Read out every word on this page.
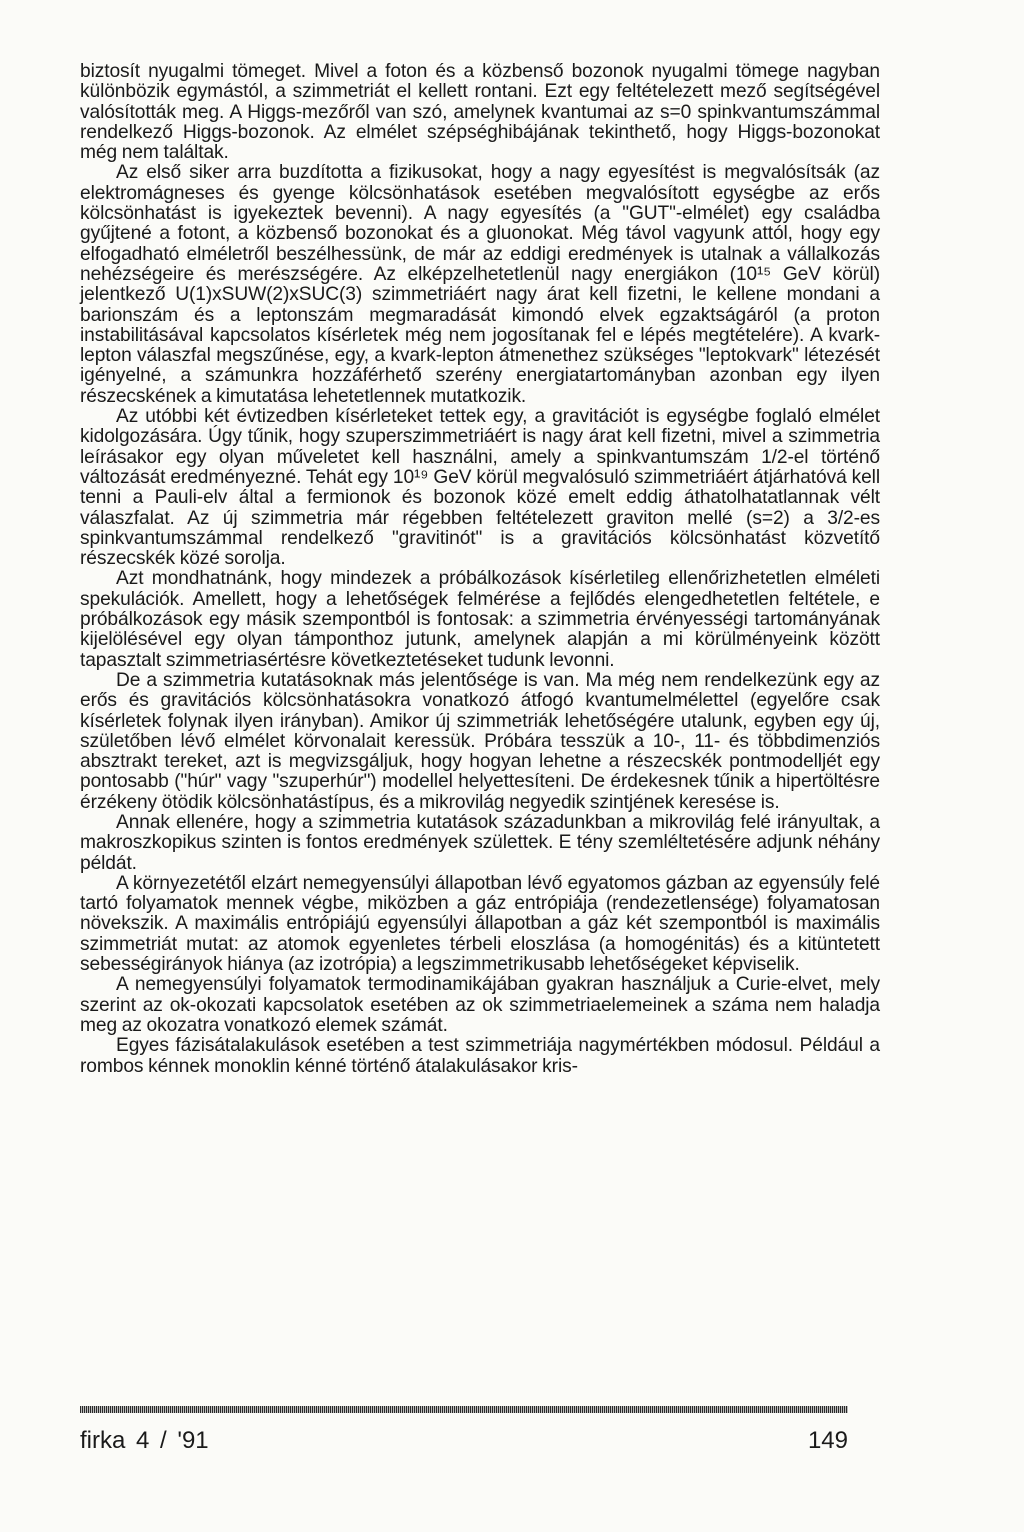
biztosít nyugalmi tömeget. Mivel a foton és a közbenső bozonok nyugalmi tömege nagyban különbözik egymástól, a szimmetriát el kellett rontani. Ezt egy feltételezett mező segítségével valósították meg. A Higgs-mezőről van szó, amelynek kvantumai az s=0 spinkvantumszámmal rendelkező Higgs-bozonok. Az elmélet szépséghibájának tekinthető, hogy Higgs-bozonokat még nem találtak.

Az első siker arra buzdította a fizikusokat, hogy a nagy egyesítést is megvalósítsák (az elektromágneses és gyenge kölcsönhatások esetében megvalósított egységbe az erős kölcsönhatást is igyekeztek bevenni). A nagy egyesítés (a "GUT"-elmélet) egy családba gyűjtené a fotont, a közbenső bozonokat és a gluonokat. Még távol vagyunk attól, hogy egy elfogadható elméletről beszélhessünk, de már az eddigi eredmények is utalnak a vállalkozás nehézségeire és merészségére. Az elképzelhetetlenül nagy energiákon (10¹⁵ GeV körül) jelentkező U(1)xSUW(2)xSUC(3) szimmetriáért nagy árat kell fizetni, le kellene mondani a barionszám és a leptonszám megmaradását kimondó elvek egzaktságáról (a proton instabilitásával kapcsolatos kísérletek még nem jogosítanak fel e lépés megtételére). A kvark-lepton válaszfal megszűnése, egy, a kvark-lepton átmenethez szükséges "leptokvark" létezését igényelné, a számunkra hozzáférhető szerény energiatartományban azonban egy ilyen részecskének a kimutatása lehetetlennek mutatkozik.

Az utóbbi két évtizedben kísérleteket tettek egy, a gravitációt is egységbe foglaló elmélet kidolgozására. Úgy tűnik, hogy szuperszimmetriáért is nagy árat kell fizetni, mivel a szimmetria leírásakor egy olyan műveletet kell használni, amely a spinkvantumszám 1/2-el történő változását eredményezné. Tehát egy 10¹⁹ GeV körül megvalósuló szimmetriáért átjárhatóvá kell tenni a Pauli-elv által a fermionok és bozonok közé emelt eddig áthatolhatatlannak vélt válaszfalat. Az új szimmetria már régebben feltételezett graviton mellé (s=2) a 3/2-es spinkvantumszámmal rendelkező "gravitinót" is a gravitációs kölcsönhatást közvetítő részecskék közé sorolja.

Azt mondhatnánk, hogy mindezek a próbálkozások kísérletileg ellenőrizhetetlen elméleti spekulációk. Amellett, hogy a lehetőségek felmérése a fejlődés elengedhetetlen feltétele, e próbálkozások egy másik szempontból is fontosak: a szimmetria érvényességi tartományának kijelölésével egy olyan támponthoz jutunk, amelynek alapján a mi körülményeink között tapasztalt szimmetriasértésre következtetéseket tudunk levonni.

De a szimmetria kutatásoknak más jelentősége is van. Ma még nem rendelkezünk egy az erős és gravitációs kölcsönhatásokra vonatkozó átfogó kvantumelmélettel (egyelőre csak kísérletek folynak ilyen irányban). Amikor új szimmetriák lehetőségére utalunk, egyben egy új, születőben lévő elmélet körvonalait keressük. Próbára tesszük a 10-, 11- és többdimenziós absztrakt tereket, azt is megvizsgáljuk, hogy hogyan lehetne a részecskék pontmodelljét egy pontosabb ("húr" vagy "szuperhúr") modellel helyettesíteni. De érdekesnek tűnik a hipertöltésre érzékeny ötödik kölcsönhatástípus, és a mikrovilág negyedik szintjének keresése is.

Annak ellenére, hogy a szimmetria kutatások századunkban a mikrovilág felé irányultak, a makroszkopikus szinten is fontos eredmények születtek. E tény szemléltetésére adjunk néhány példát.

A környezetétől elzárt nemegyensúlyi állapotban lévő egyatomos gázban az egyensúly felé tartó folyamatok mennek végbe, miközben a gáz entrópiája (rendezetlensége) folyamatosan növekszik. A maximális entrópiájú egyensúlyi állapotban a gáz két szempontból is maximális szimmetriát mutat: az atomok egyenletes térbeli eloszlása (a homogénitás) és a kitüntetett sebességirányok hiánya (az izotrópia) a legszimmetrikusabb lehetőségeket képviselik.

A nemegyensúlyi folyamatok termodinamikájában gyakran használjuk a Curie-elvet, mely szerint az ok-okozati kapcsolatok esetében az ok szimmetriaelemeinek a száma nem haladja meg az okozatra vonatkozó elemek számát.

Egyes fázisátalakulások esetében a test szimmetriája nagymértékben módosul. Például a rombos kénnek monoklin kénné történő átalakulásakor kris-

firka 4 / '91	149
